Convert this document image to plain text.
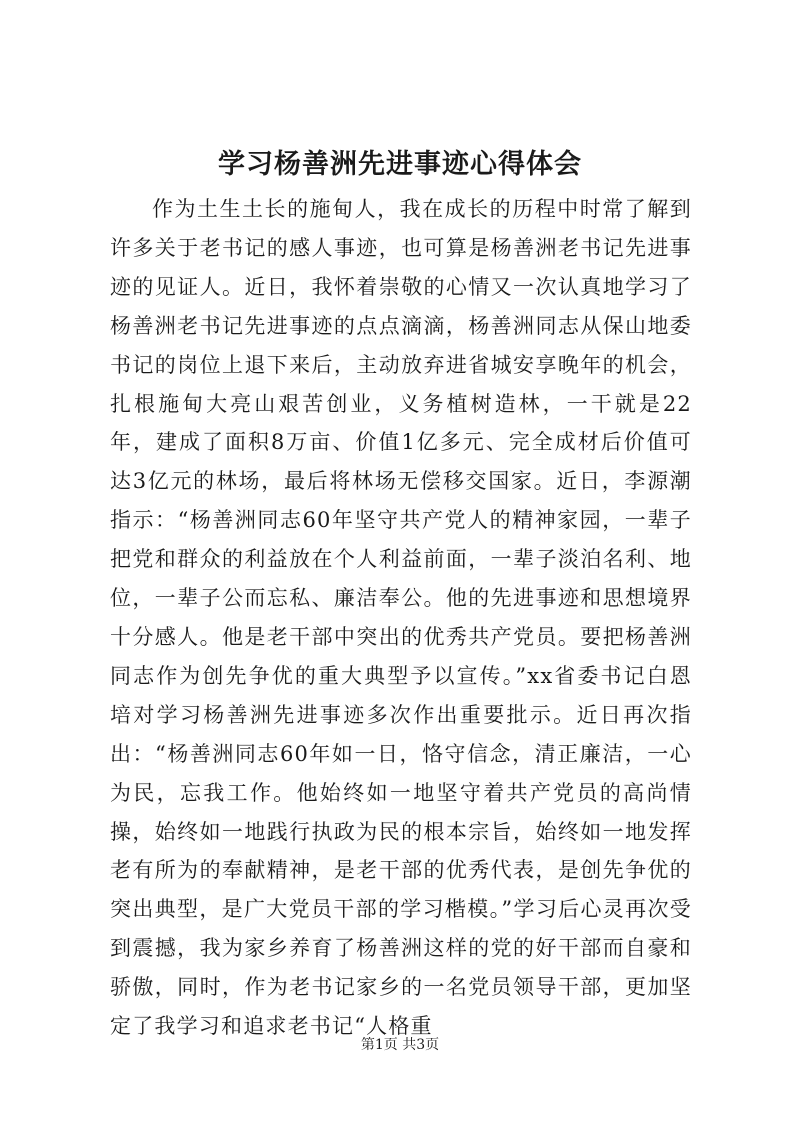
学习杨善洲先进事迹心得体会

作为土生土长的施甸人，我在成长的历程中时常了解到许多关于老书记的感人事迹，也可算是杨善洲老书记先进事迹的见证人。近日，我怀着崇敬的心情又一次认真地学习了杨善洲老书记先进事迹的点点滴滴，杨善洲同志从保山地委书记的岗位上退下来后，主动放弃进省城安享晚年的机会，扎根施甸大亮山艰苦创业，义务植树造林，一干就是22年，建成了面积8万亩、价值1亿多元、完全成材后价值可达3亿元的林场，最后将林场无偿移交国家。近日，李源潮指示：“杨善洲同志60年坚守共产党人的精神家园，一辈子把党和群众的利益放在个人利益前面，一辈子淡泊名利、地位，一辈子公而忘私、廉洁奉公。他的先进事迹和思想境界十分感人。他是老干部中突出的优秀共产党员。要把杨善洲同志作为创先争优的重大典型予以宣传。”xx省委书记白恩培对学习杨善洲先进事迹多次作出重要批示。近日再次指出：“杨善洲同志60年如一日，恪守信念，清正廉洁，一心为民，忘我工作。他始终如一地坚守着共产党员的高尚情操，始终如一地践行执政为民的根本宗旨，始终如一地发挥老有所为的奉献精神，是老干部的优秀代表，是创先争优的突出典型，是广大党员干部的学习楷模。”学习后心灵再次受到震撼，我为家乡养育了杨善洲这样的党的好干部而自豪和骄傲，同时，作为老书记家乡的一名党员领导干部，更加坚定了我学习和追求老书记“人格重

第1页 共3页
